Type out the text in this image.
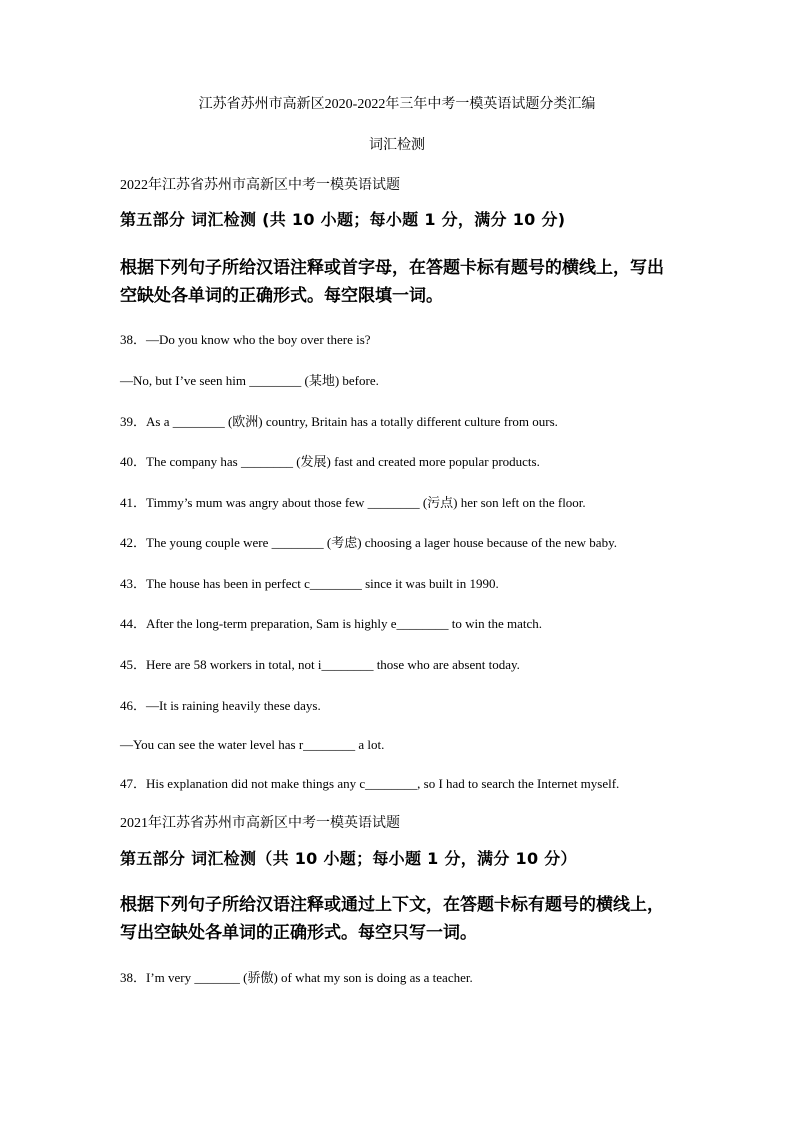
江苏省苏州市高新区2020-2022年三年中考一模英语试题分类汇编
词汇检测
2022年江苏省苏州市高新区中考一模英语试题
第五部分 词汇检测 (共 10 小题；每小题 1 分，满分 10 分)
根据下列句子所给汉语注释或首字母，在答题卡标有题号的横线上，写出空缺处各单词的正确形式。每空限填一词。
38．—Do you know who the boy over there is?
—No, but I’ve seen him ________ (某地) before.
39．As a ________ (欧洲) country, Britain has a totally different culture from ours.
40．The company has ________ (发展) fast and created more popular products.
41．Timmy’s mum was angry about those few ________ (污点) her son left on the floor.
42．The young couple were ________ (考虑) choosing a lager house because of the new baby.
43．The house has been in perfect c________ since it was built in 1990.
44．After the long-term preparation, Sam is highly e________ to win the match.
45．Here are 58 workers in total, not i________ those who are absent today.
46．—It is raining heavily these days.
—You can see the water level has r________ a lot.
47．His explanation did not make things any c________, so I had to search the Internet myself.
2021年江苏省苏州市高新区中考一模英语试题
第五部分 词汇检测（共 10 小题；每小题 1 分，满分 10 分）
根据下列句子所给汉语注释或通过上下文，在答题卡标有题号的横线上，写出空缺处各单词的正确形式。每空只写一词。
38．I’m very _______ (骄傲) of what my son is doing as a teacher.
